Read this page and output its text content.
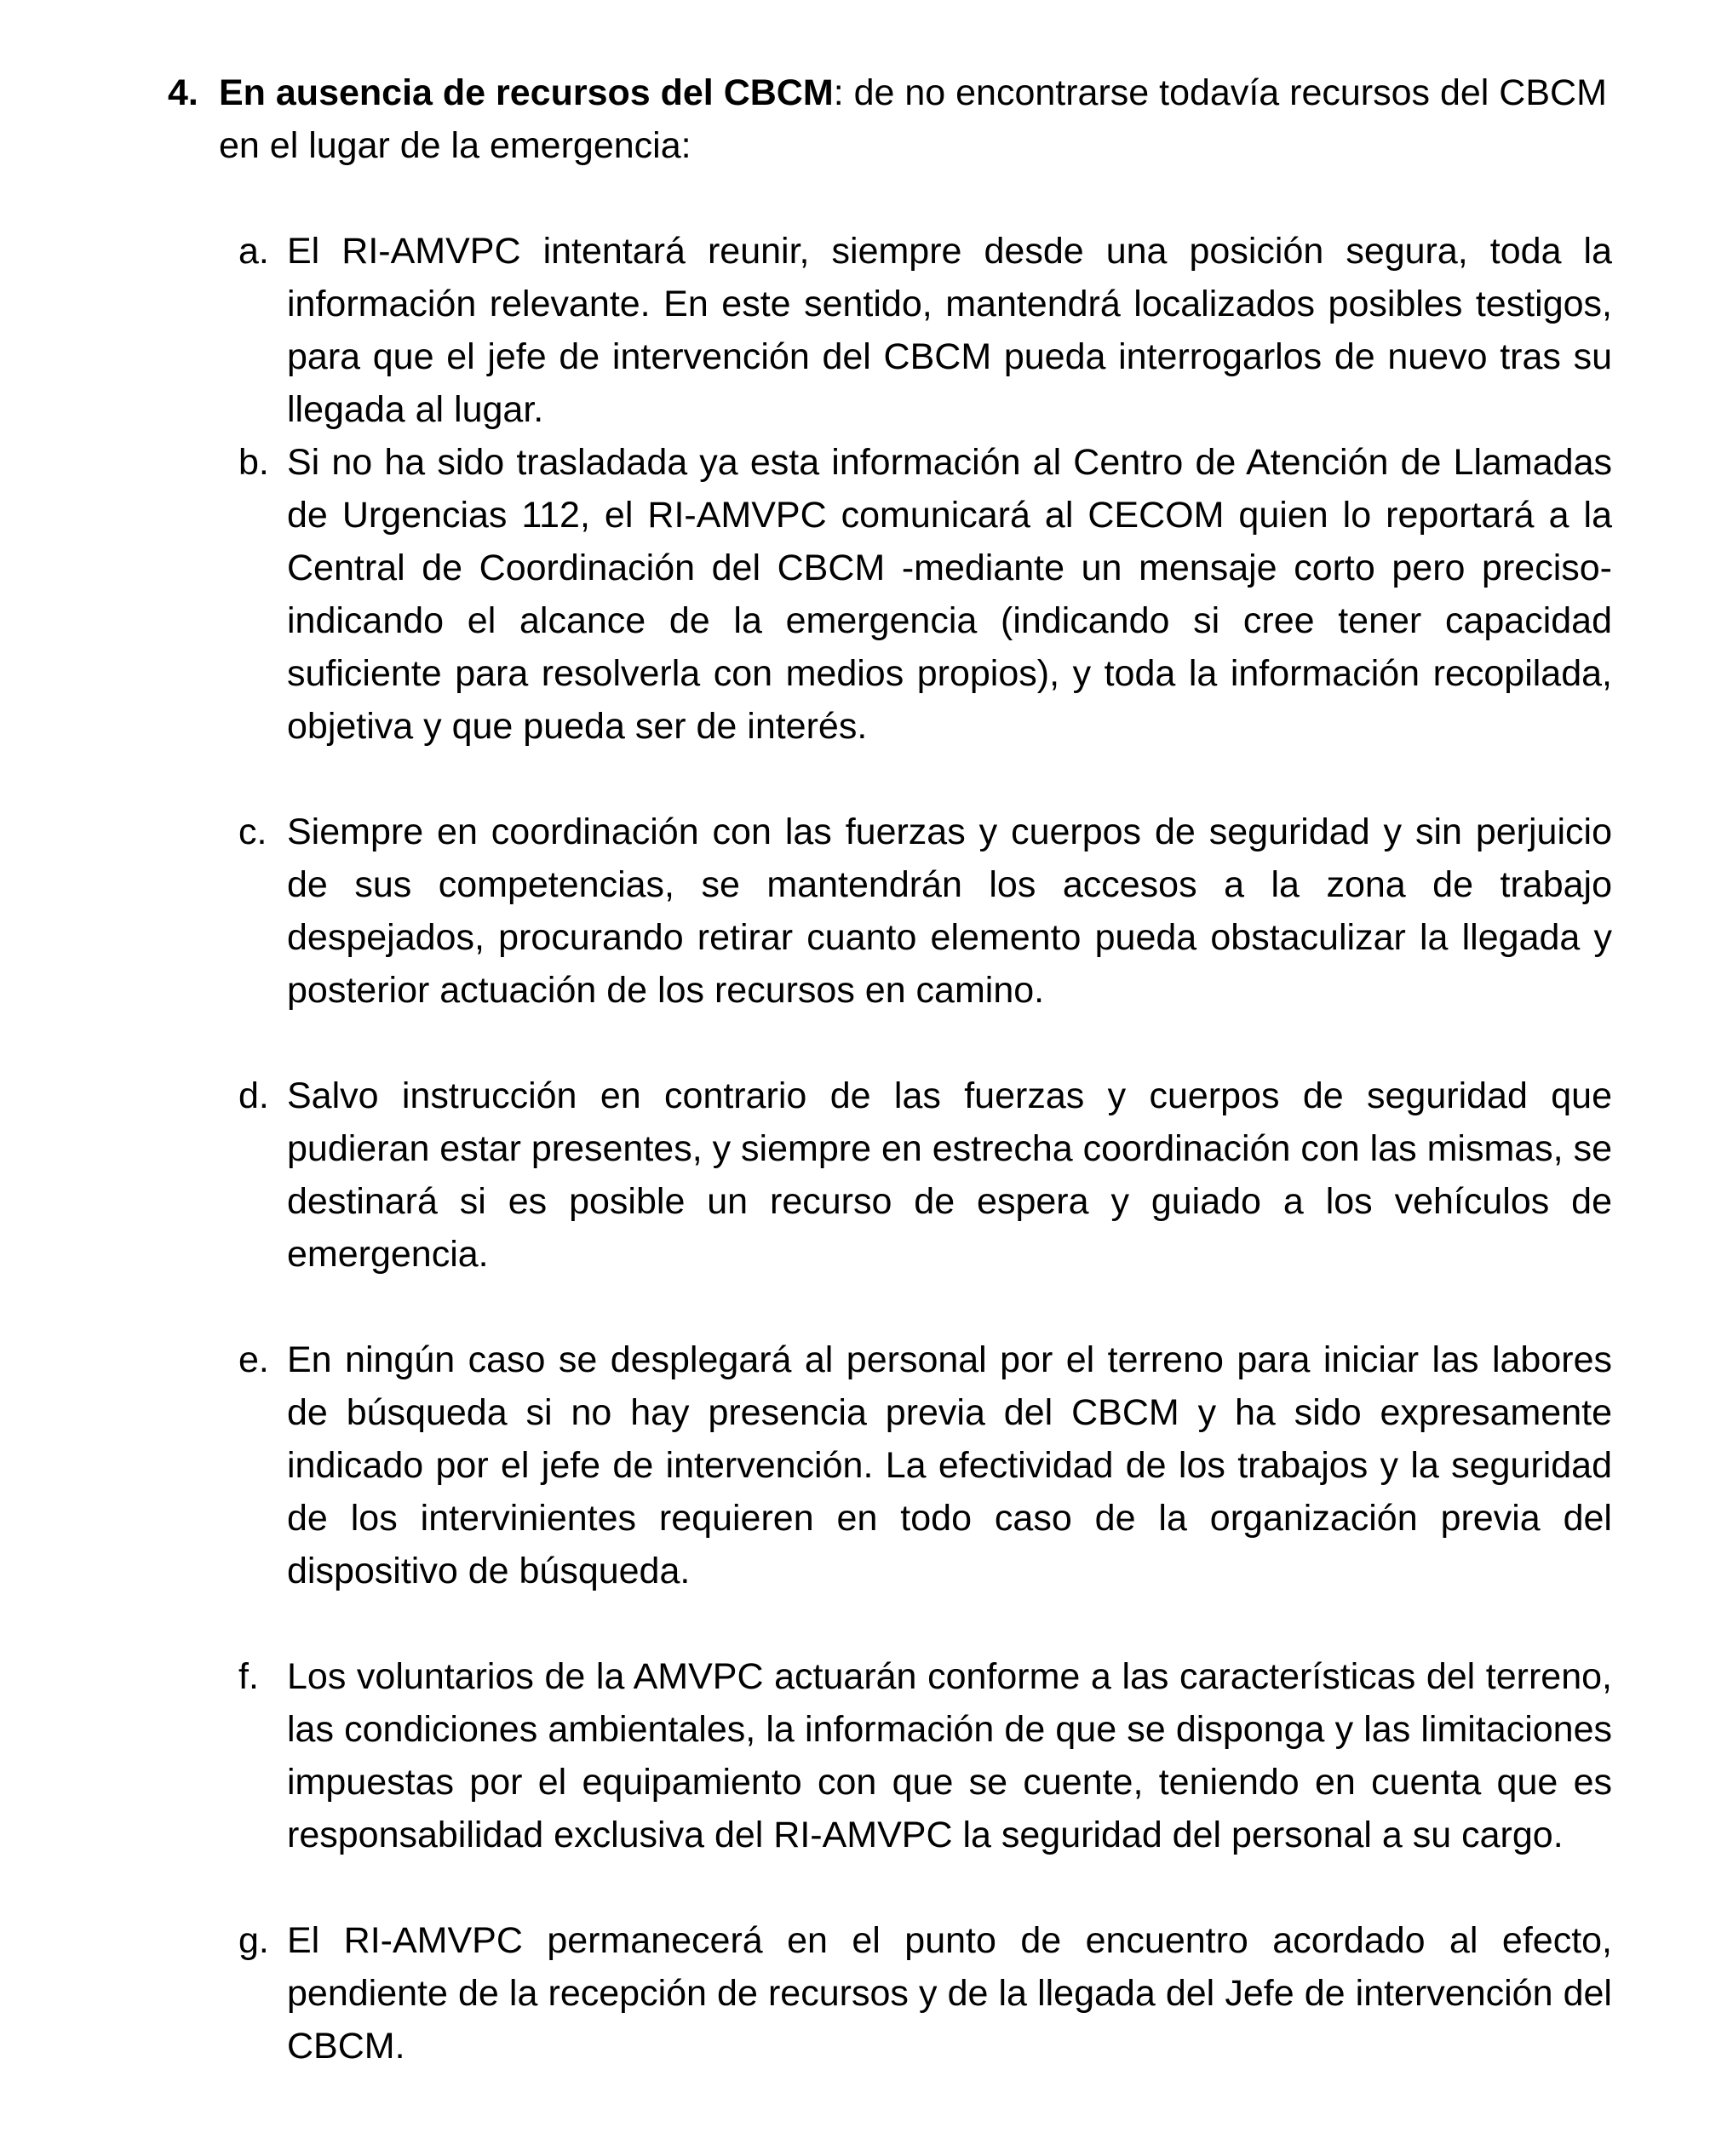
4. En ausencia de recursos del CBCM: de no encontrarse todavía recursos del CBCM en el lugar de la emergencia:

a. El RI-AMVPC intentará reunir, siempre desde una posición segura, toda la información relevante. En este sentido, mantendrá localizados posibles testigos, para que el jefe de intervención del CBCM pueda interrogarlos de nuevo tras su llegada al lugar.

b. Si no ha sido trasladada ya esta información al Centro de Atención de Llamadas de Urgencias 112, el RI-AMVPC comunicará al CECOM quien lo reportará a la Central de Coordinación del CBCM -mediante un mensaje corto pero preciso- indicando el alcance de la emergencia (indicando si cree tener capacidad suficiente para resolverla con medios propios), y toda la información recopilada, objetiva y que pueda ser de interés.

c. Siempre en coordinación con las fuerzas y cuerpos de seguridad y sin perjuicio de sus competencias, se mantendrán los accesos a la zona de trabajo despejados, procurando retirar cuanto elemento pueda obstaculizar la llegada y posterior actuación de los recursos en camino.

d. Salvo instrucción en contrario de las fuerzas y cuerpos de seguridad que pudieran estar presentes, y siempre en estrecha coordinación con las mismas, se destinará si es posible un recurso de espera y guiado a los vehículos de emergencia.

e. En ningún caso se desplegará al personal por el terreno para iniciar las labores de búsqueda si no hay presencia previa del CBCM y ha sido expresamente indicado por el jefe de intervención. La efectividad de los trabajos y la seguridad de los intervinientes requieren en todo caso de la organización previa del dispositivo de búsqueda.

f. Los voluntarios de la AMVPC actuarán conforme a las características del terreno, las condiciones ambientales, la información de que se disponga y las limitaciones impuestas por el equipamiento con que se cuente, teniendo en cuenta que es responsabilidad exclusiva del RI-AMVPC la seguridad del personal a su cargo.

g. El RI-AMVPC permanecerá en el punto de encuentro acordado al efecto, pendiente de la recepción de recursos y de la llegada del Jefe de intervención del CBCM.
